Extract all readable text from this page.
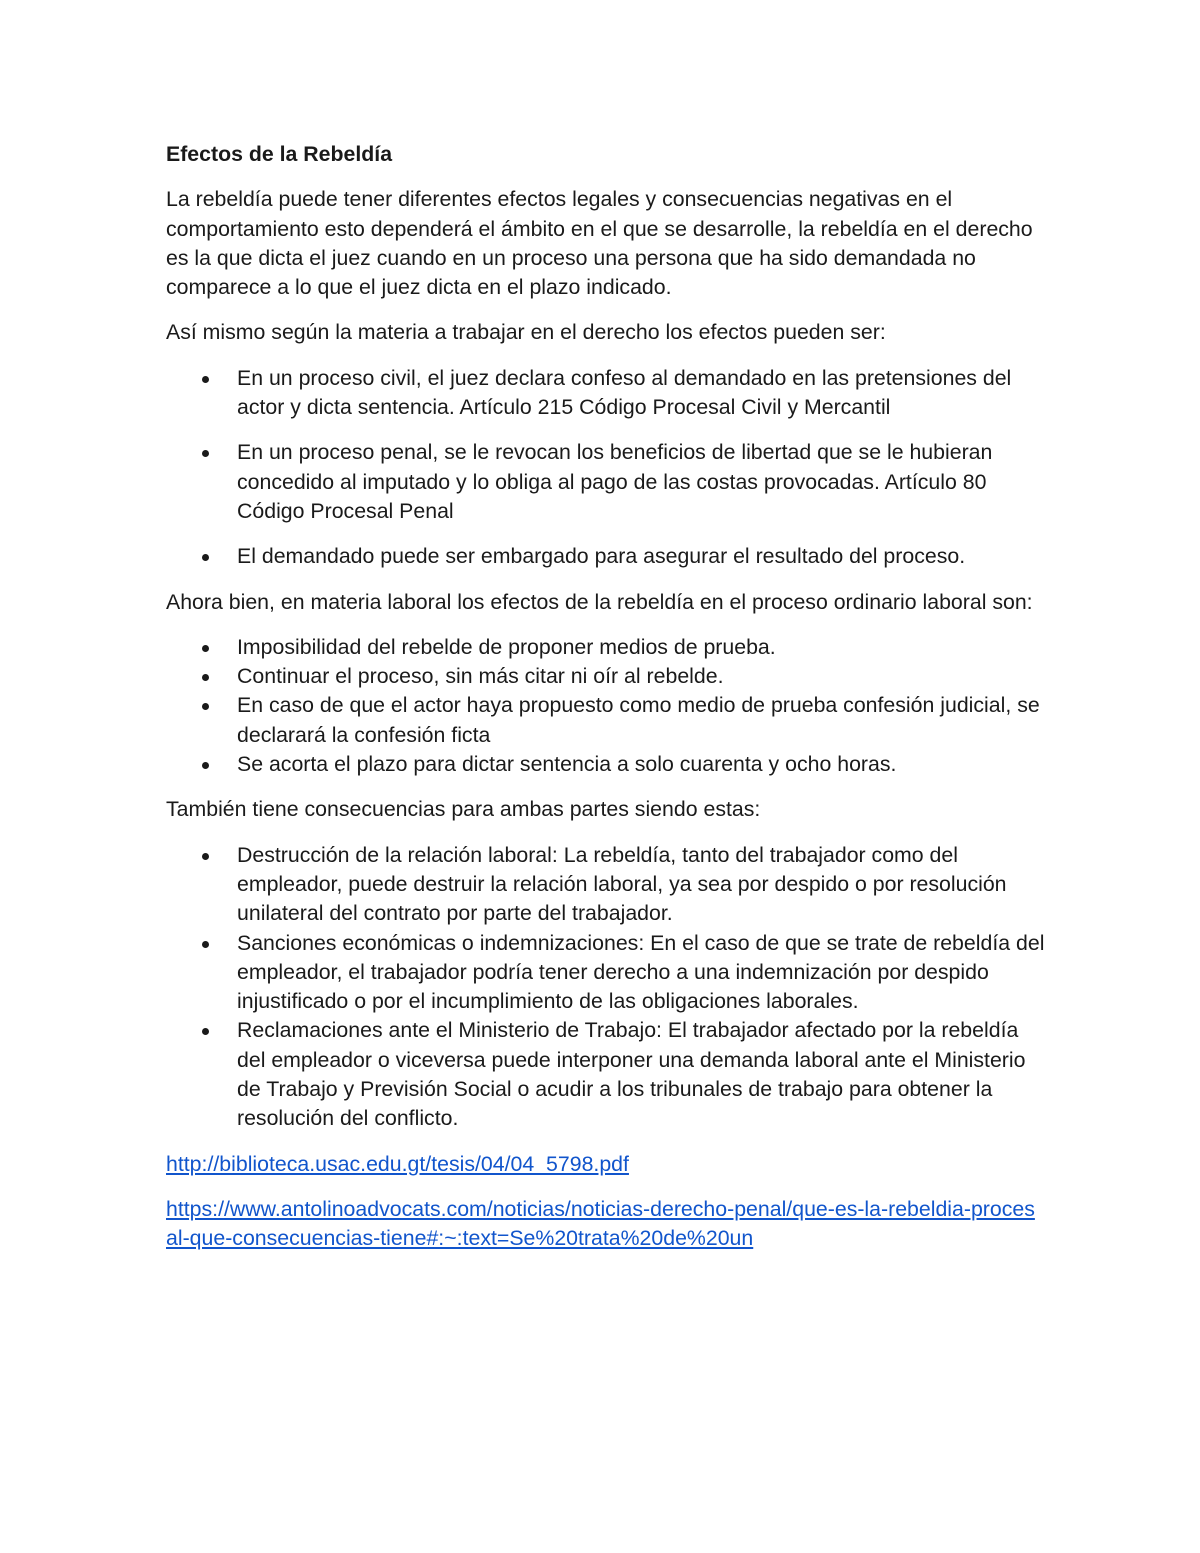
Efectos de la Rebeldía

La rebeldía puede tener diferentes efectos legales y consecuencias negativas en el comportamiento esto dependerá el ámbito en el que se desarrolle, la rebeldía en el derecho es la que dicta el juez cuando en un proceso una persona que ha sido demandada no comparece a lo que el juez dicta en el plazo indicado.

Así mismo según la materia a trabajar en el derecho los efectos pueden ser:

En un proceso civil, el juez declara confeso al demandado en las pretensiones del actor y dicta sentencia. Artículo 215 Código Procesal Civil y Mercantil
En un proceso penal, se le revocan los beneficios de libertad que se le hubieran concedido al imputado y lo obliga al pago de las costas provocadas. Artículo 80 Código Procesal Penal
El demandado puede ser embargado para asegurar el resultado del proceso.

Ahora bien, en materia laboral los efectos de la rebeldía en el proceso ordinario laboral son:

Imposibilidad del rebelde de proponer medios de prueba.
Continuar el proceso, sin más citar ni oír al rebelde.
En caso de que el actor haya propuesto como medio de prueba confesión judicial, se declarará la confesión ficta
Se acorta el plazo para dictar sentencia a solo cuarenta y ocho horas.

También tiene consecuencias para ambas partes siendo estas:

Destrucción de la relación laboral: La rebeldía, tanto del trabajador como del empleador, puede destruir la relación laboral, ya sea por despido o por resolución unilateral del contrato por parte del trabajador.
Sanciones económicas o indemnizaciones: En el caso de que se trate de rebeldía del empleador, el trabajador podría tener derecho a una indemnización por despido injustificado o por el incumplimiento de las obligaciones laborales.
Reclamaciones ante el Ministerio de Trabajo: El trabajador afectado por la rebeldía del empleador o viceversa puede interponer una demanda laboral ante el Ministerio de Trabajo y Previsión Social o acudir a los tribunales de trabajo para obtener la resolución del conflicto.
http://biblioteca.usac.edu.gt/tesis/04/04_5798.pdf
https://www.antolinoadvocats.com/noticias/noticias-derecho-penal/que-es-la-rebeldia-procesal-que-consecuencias-tiene#:~:text=Se%20trata%20de%20un
